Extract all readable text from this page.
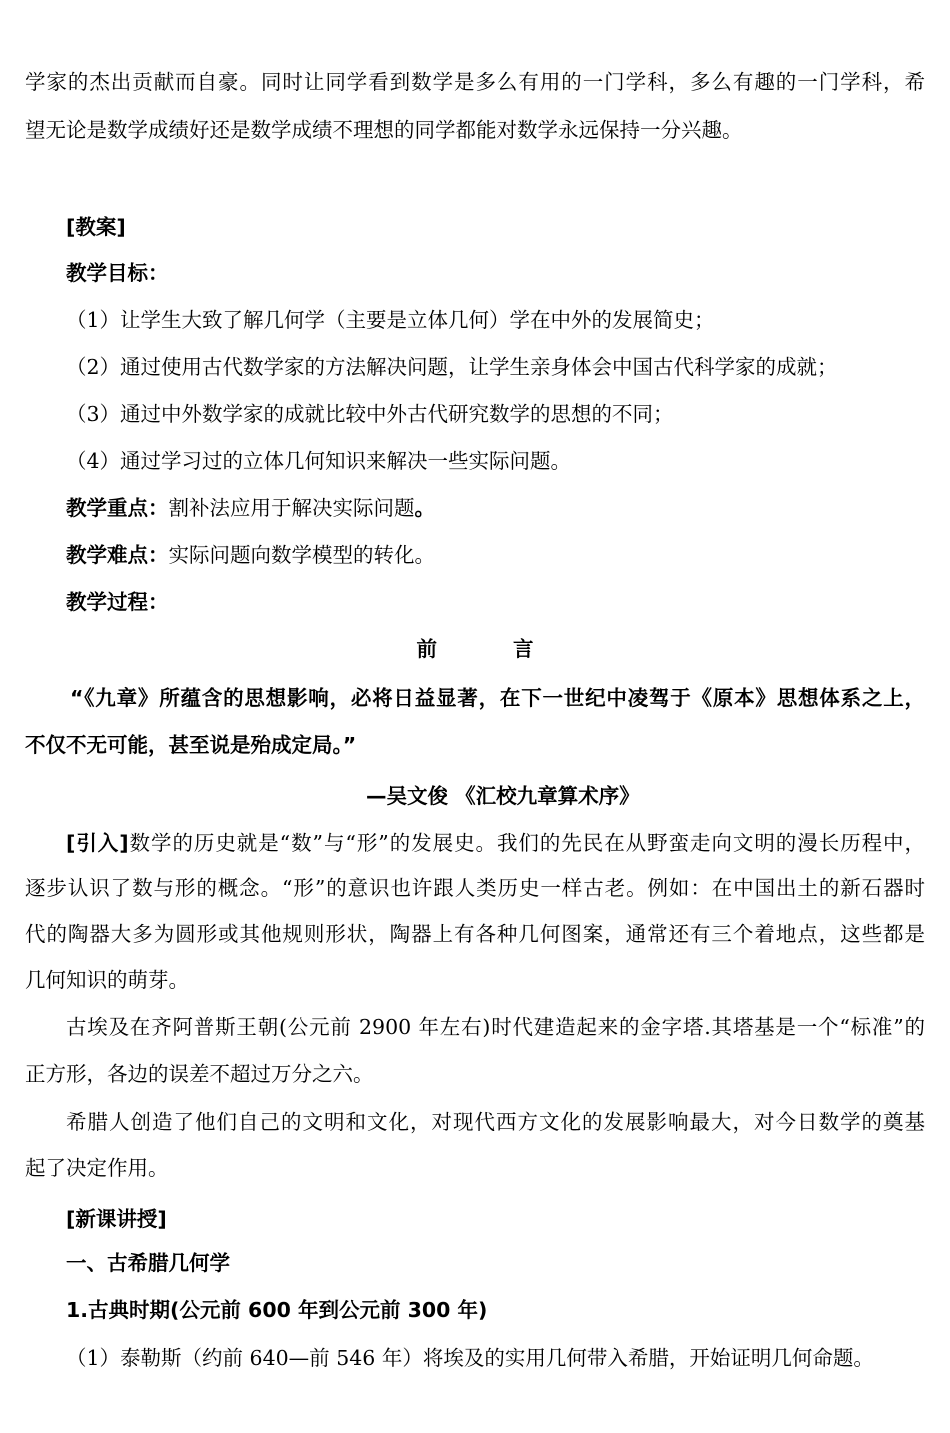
学家的杰出贡献而自豪。同时让同学看到数学是多么有用的一门学科，多么有趣的一门学科，希
望无论是数学成绩好还是数学成绩不理想的同学都能对数学永远保持一分兴趣。
[教案]
教学目标：
（1）让学生大致了解几何学（主要是立体几何）学在中外的发展简史；
（2）通过使用古代数学家的方法解决问题，让学生亲身体会中国古代科学家的成就；
（3）通过中外数学家的成就比较中外古代研究数学的思想的不同；
（4）通过学习过的立体几何知识来解决一些实际问题。
教学重点：割补法应用于解决实际问题。
教学难点：实际问题向数学模型的转化。
教学过程：
前	言
“《九章》所蕴含的思想影响，必将日益显著，在下一世纪中凌驾于《原本》思想体系之上，
不仅不无可能，甚至说是殆成定局。”
—吴文俊 《汇校九章算术序》
[引入]数学的历史就是“数”与“形”的发展史。我们的先民在从野蛮走向文明的漫长历程中，
逐步认识了数与形的概念。“形”的意识也许跟人类历史一样古老。例如：在中国出土的新石器时
代的陶器大多为圆形或其他规则形状，陶器上有各种几何图案，通常还有三个着地点，这些都是
几何知识的萌芽。
古埃及在齐阿普斯王朝(公元前 2900 年左右)时代建造起来的金字塔.其塔基是一个“标准”的
正方形，各边的误差不超过万分之六。
希腊人创造了他们自己的文明和文化，对现代西方文化的发展影响最大，对今日数学的奠基
起了决定作用。
[新课讲授]
一、古希腊几何学
1.古典时期(公元前 600 年到公元前 300 年)
（1）泰勒斯（约前 640—前 546 年）将埃及的实用几何带入希腊，开始证明几何命题。
